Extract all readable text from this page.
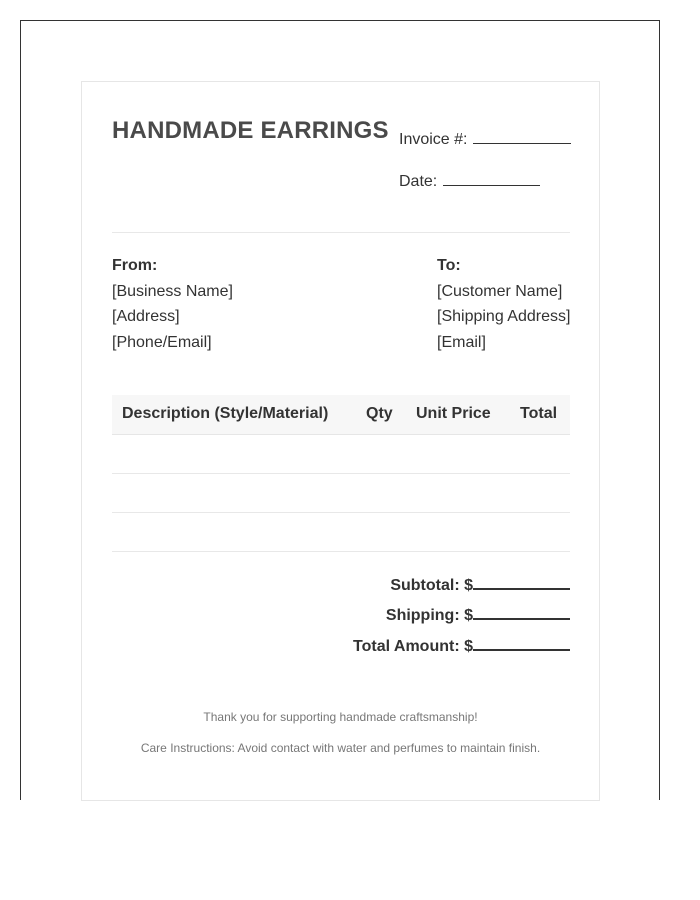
HANDMADE EARRINGS Invoice #:
Date:
From:
[Business Name]
[Address]
[Phone/Email]
To:
[Customer Name]
[Shipping Address]
[Email]
Description (Style/Material) Qty Unit Price Total
Subtotal: $
Shipping: $
Total Amount: $
Thank you for supporting handmade craftsmanship!
Care Instructions: Avoid contact with water and perfumes to maintain finish.
